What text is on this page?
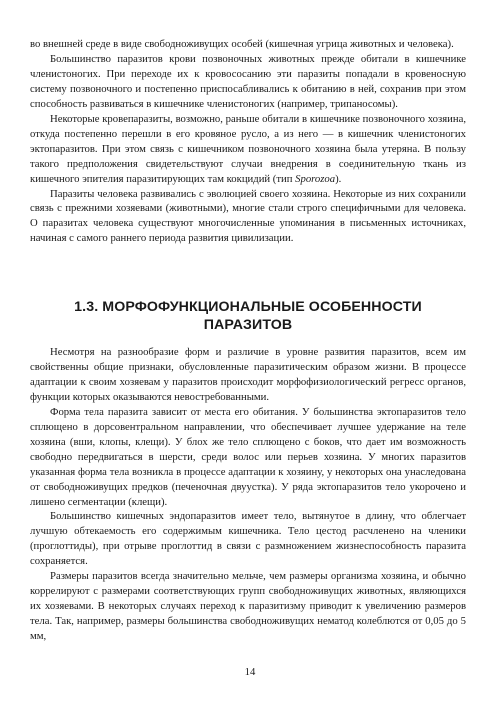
во внешней среде в виде свободноживущих особей (кишечная угрица животных и человека).

Большинство паразитов крови позвоночных животных прежде обитали в кишечнике членистоногих. При переходе их к кровососанию эти паразиты попадали в кровеносную систему позвоночного и постепенно приспосабливались к обитанию в ней, сохранив при этом способность развиваться в кишечнике членистоногих (например, трипаносомы).

Некоторые кровепаразиты, возможно, раньше обитали в кишечнике позвоночного хозяина, откуда постепенно перешли в его кровяное русло, а из него — в кишечник членистоногих эктопаразитов. При этом связь с кишечником позвоночного хозяина была утеряна. В пользу такого предположения свидетельствуют случаи внедрения в соединительную ткань из кишечного эпителия паразитирующих там кокцидий (тип Sporozoa).

Паразиты человека развивались с эволюцией своего хозяина. Некоторые из них сохранили связь с прежними хозяевами (животными), многие стали строго специфичными для человека. О паразитах человека существуют многочисленные упоминания в письменных источниках, начиная с самого раннего периода развития цивилизации.

1.3. МОРФОФУНКЦИОНАЛЬНЫЕ ОСОБЕННОСТИ ПАРАЗИТОВ

Несмотря на разнообразие форм и различие в уровне развития паразитов, всем им свойственны общие признаки, обусловленные паразитическим образом жизни. В процессе адаптации к своим хозяевам у паразитов происходит морфофизиологический регресс органов, функции которых оказываются невостребованными.

Форма тела паразита зависит от места его обитания. У большинства эктопаразитов тело сплющено в дорсовентральном направлении, что обеспечивает лучшее удержание на теле хозяина (вши, клопы, клещи). У блох же тело сплющено с боков, что дает им возможность свободно передвигаться в шерсти, среди волос или перьев хозяина. У многих паразитов указанная форма тела возникла в процессе адаптации к хозяину, у некоторых она унаследована от свободноживущих предков (печеночная двуустка). У ряда эктопаразитов тело укорочено и лишено сегментации (клещи).

Большинство кишечных эндопаразитов имеет тело, вытянутое в длину, что облегчает лучшую обтекаемость его содержимым кишечника. Тело цестод расчленено на членики (проглоттиды), при отрыве проглоттид в связи с размножением жизнеспособность паразита сохраняется.

Размеры паразитов всегда значительно мельче, чем размеры организма хозяина, и обычно коррелируют с размерами соответствующих групп свободноживущих животных, являющихся их хозяевами. В некоторых случаях переход к паразитизму приводит к увеличению размеров тела. Так, например, размеры большинства свободноживущих нематод колеблются от 0,05 до 5 мм,

14
